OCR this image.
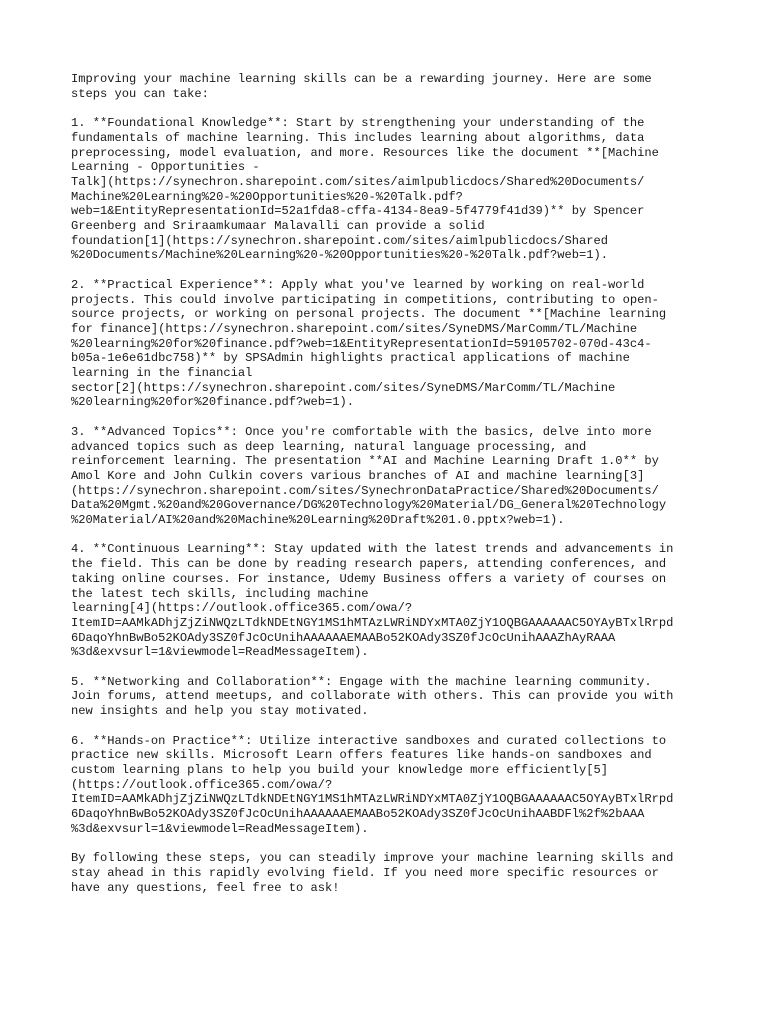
Improving your machine learning skills can be a rewarding journey. Here are some
steps you can take:

1. **Foundational Knowledge**: Start by strengthening your understanding of the
fundamentals of machine learning. This includes learning about algorithms, data
preprocessing, model evaluation, and more. Resources like the document **[Machine
Learning - Opportunities -
Talk](https://synechron.sharepoint.com/sites/aimlpublicdocs/Shared%20Documents/
Machine%20Learning%20-%20Opportunities%20-%20Talk.pdf?
web=1&EntityRepresentationId=52a1fda8-cffa-4134-8ea9-5f4779f41d39)** by Spencer
Greenberg and Sriraamkumaar Malavalli can provide a solid
foundation[1](https://synechron.sharepoint.com/sites/aimlpublicdocs/Shared
%20Documents/Machine%20Learning%20-%20Opportunities%20-%20Talk.pdf?web=1).

2. **Practical Experience**: Apply what you've learned by working on real-world
projects. This could involve participating in competitions, contributing to open-
source projects, or working on personal projects. The document **[Machine learning
for finance](https://synechron.sharepoint.com/sites/SyneDMS/MarComm/TL/Machine
%20learning%20for%20finance.pdf?web=1&EntityRepresentationId=59105702-070d-43c4-
b05a-1e6e61dbc758)** by SPSAdmin highlights practical applications of machine
learning in the financial
sector[2](https://synechron.sharepoint.com/sites/SyneDMS/MarComm/TL/Machine
%20learning%20for%20finance.pdf?web=1).

3. **Advanced Topics**: Once you're comfortable with the basics, delve into more
advanced topics such as deep learning, natural language processing, and
reinforcement learning. The presentation **AI and Machine Learning Draft 1.0** by
Amol Kore and John Culkin covers various branches of AI and machine learning[3]
(https://synechron.sharepoint.com/sites/SynechronDataPractice/Shared%20Documents/
Data%20Mgmt.%20and%20Governance/DG%20Technology%20Material/DG_General%20Technology
%20Material/AI%20and%20Machine%20Learning%20Draft%201.0.pptx?web=1).

4. **Continuous Learning**: Stay updated with the latest trends and advancements in
the field. This can be done by reading research papers, attending conferences, and
taking online courses. For instance, Udemy Business offers a variety of courses on
the latest tech skills, including machine
learning[4](https://outlook.office365.com/owa/?
ItemID=AAMkADhjZjZiNWQzLTdkNDEtNGY1MS1hMTAzLWRiNDYxMTA0ZjY1OQBGAAAAAAC5OYAyBTxlRrpd
6DaqoYhnBwBo52KOAdy3SZ0fJcOcUnihAAAAAAEMAABo52KOAdy3SZ0fJcOcUnihAAAZhAyRAAA
%3d&exvsurl=1&viewmodel=ReadMessageItem).

5. **Networking and Collaboration**: Engage with the machine learning community.
Join forums, attend meetups, and collaborate with others. This can provide you with
new insights and help you stay motivated.

6. **Hands-on Practice**: Utilize interactive sandboxes and curated collections to
practice new skills. Microsoft Learn offers features like hands-on sandboxes and
custom learning plans to help you build your knowledge more efficiently[5]
(https://outlook.office365.com/owa/?
ItemID=AAMkADhjZjZiNWQzLTdkNDEtNGY1MS1hMTAzLWRiNDYxMTA0ZjY1OQBGAAAAAAC5OYAyBTxlRrpd
6DaqoYhnBwBo52KOAdy3SZ0fJcOcUnihAAAAAAEMAABo52KOAdy3SZ0fJcOcUnihAABDFl%2f%2bAAA
%3d&exvsurl=1&viewmodel=ReadMessageItem).

By following these steps, you can steadily improve your machine learning skills and
stay ahead in this rapidly evolving field. If you need more specific resources or
have any questions, feel free to ask!
